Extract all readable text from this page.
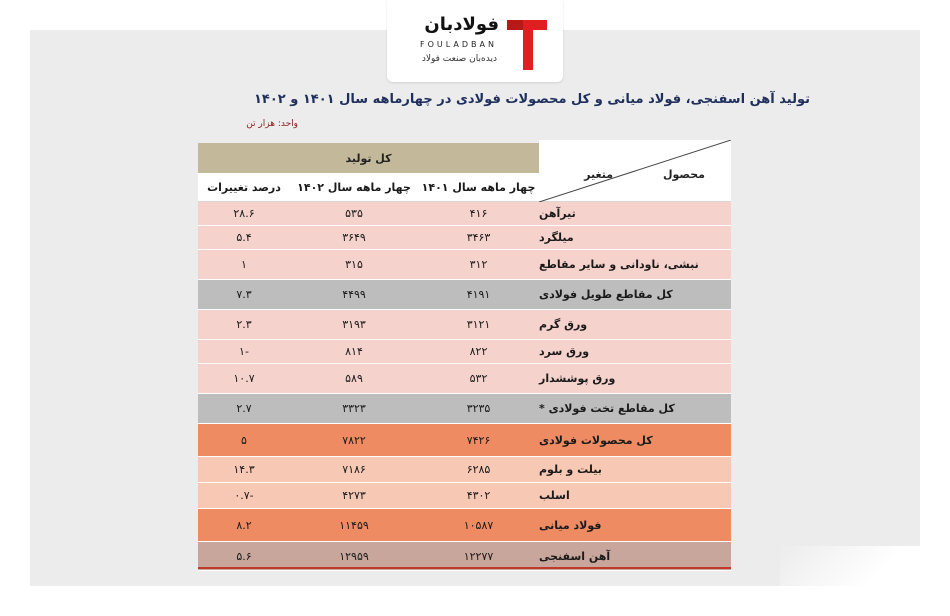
فولادبان
FOULADBAN
دیده‌بان صنعت فولاد
تولید آهن اسفنجی، فولاد میانی و کل محصولات فولادی در چهارماهه سال ۱۴۰۱ و ۱۴۰۲
واحد: هزار تن
محصول
متغیر
کل تولید
چهار ماهه سال ۱۴۰۱
چهار ماهه سال ۱۴۰۲
درصد تغییرات
تیرآهن
۴۱۶
۵۳۵
۲۸.۶
میلگرد
۳۴۶۳
۳۶۴۹
۵.۴
نبشی، ناودانی و سایر مقاطع
۳۱۲
۳۱۵
۱
کل مقاطع طویل فولادی
۴۱۹۱
۴۴۹۹
۷.۳
ورق گرم
۳۱۲۱
۳۱۹۳
۲.۳
ورق سرد
۸۲۲
۸۱۴
-۱
ورق پوششدار
۵۳۲
۵۸۹
۱۰.۷
کل مقاطع تخت فولادی *
۳۲۳۵
۳۳۲۳
۲.۷
کل محصولات فولادی
۷۴۲۶
۷۸۲۲
۵
بیلت و بلوم
۶۲۸۵
۷۱۸۶
۱۴.۳
اسلب
۴۳۰۲
۴۲۷۳
-۰.۷
فولاد میانی
۱۰۵۸۷
۱۱۴۵۹
۸.۲
آهن اسفنجی
۱۲۲۷۷
۱۲۹۵۹
۵.۶
